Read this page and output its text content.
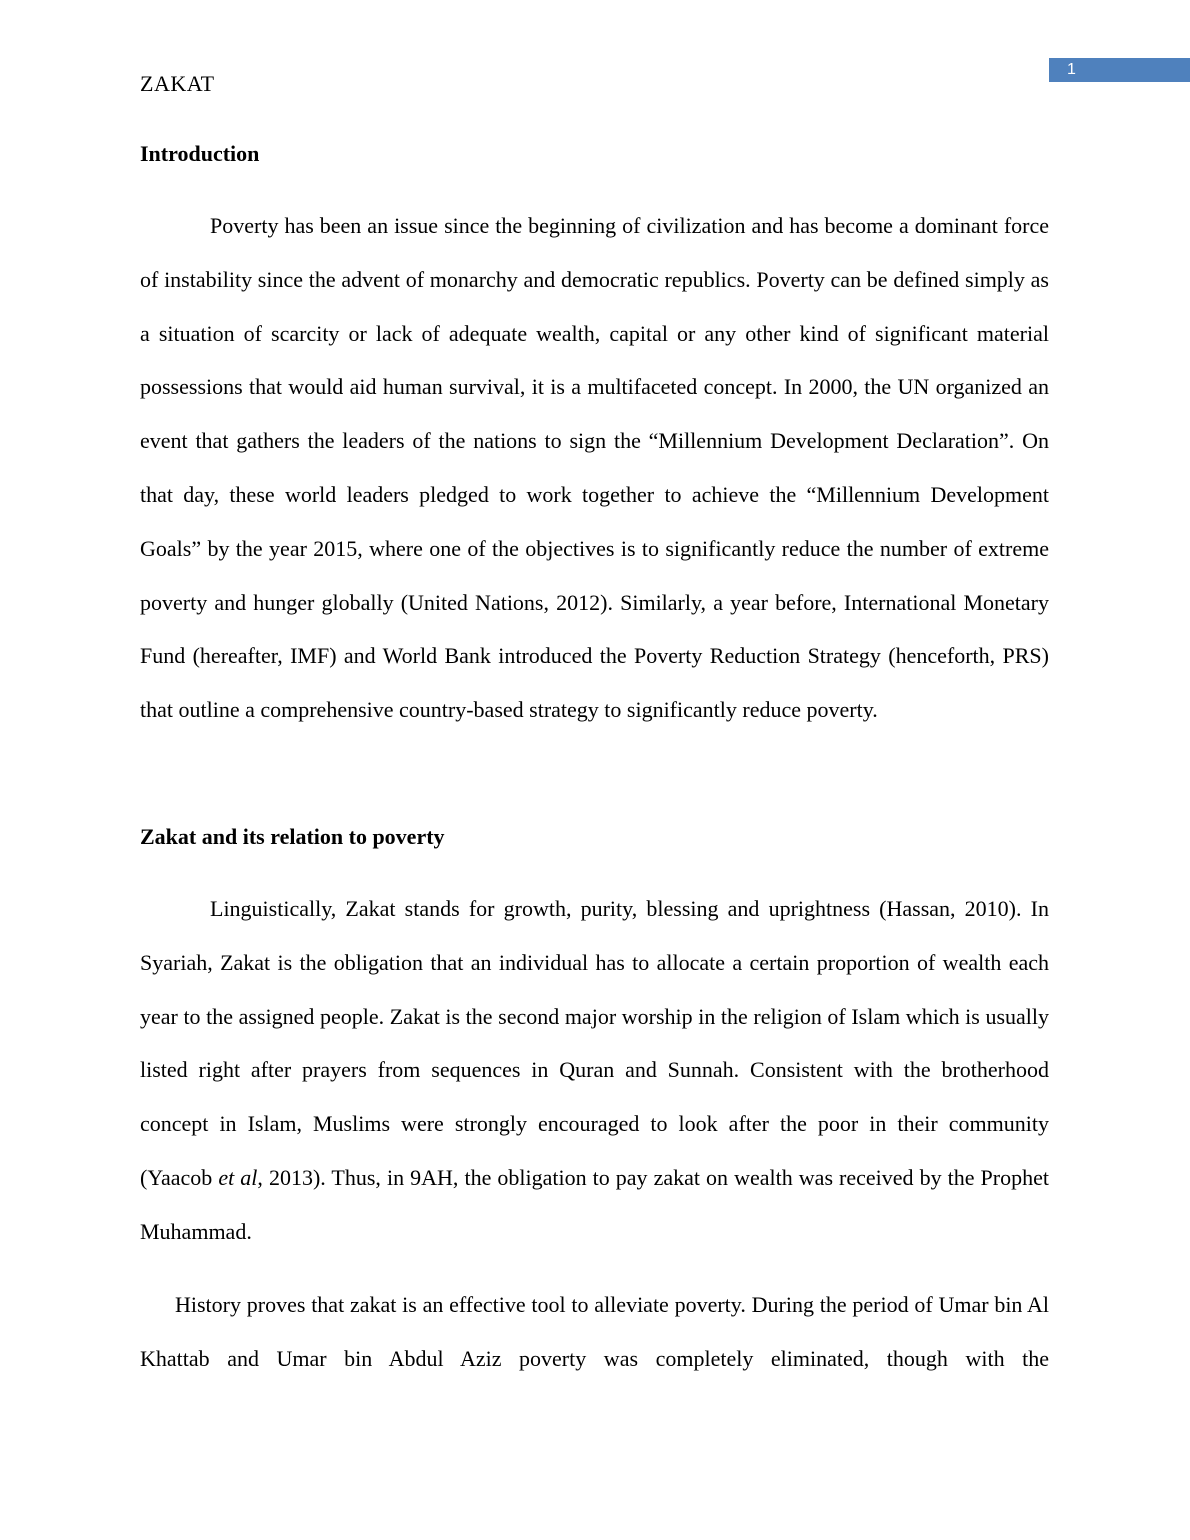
1
ZAKAT
Introduction

Poverty has been an issue since the beginning of civilization and has become a dominant force of instability since the advent of monarchy and democratic republics. Poverty can be defined simply as a situation of scarcity or lack of adequate wealth, capital or any other kind of significant material possessions that would aid human survival, it is a multifaceted concept. In 2000, the UN organized an event that gathers the leaders of the nations to sign the “Millennium Development Declaration”. On that day, these world leaders pledged to work together to achieve the “Millennium Development Goals” by the year 2015, where one of the objectives is to significantly reduce the number of extreme poverty and hunger globally (United Nations, 2012). Similarly, a year before, International Monetary Fund (hereafter, IMF) and World Bank introduced the Poverty Reduction Strategy (henceforth, PRS) that outline a comprehensive country-based strategy to significantly reduce poverty.

Zakat and its relation to poverty

Linguistically, Zakat stands for growth, purity, blessing and uprightness (Hassan, 2010). In Syariah, Zakat is the obligation that an individual has to allocate a certain proportion of wealth each year to the assigned people. Zakat is the second major worship in the religion of Islam which is usually listed right after prayers from sequences in Quran and Sunnah. Consistent with the brotherhood concept in Islam, Muslims were strongly encouraged to look after the poor in their community (Yaacob et al, 2013). Thus, in 9AH, the obligation to pay zakat on wealth was received by the Prophet Muhammad.

History proves that zakat is an effective tool to alleviate poverty. During the period of Umar bin Al Khattab and Umar bin Abdul Aziz poverty was completely eliminated, though with the
